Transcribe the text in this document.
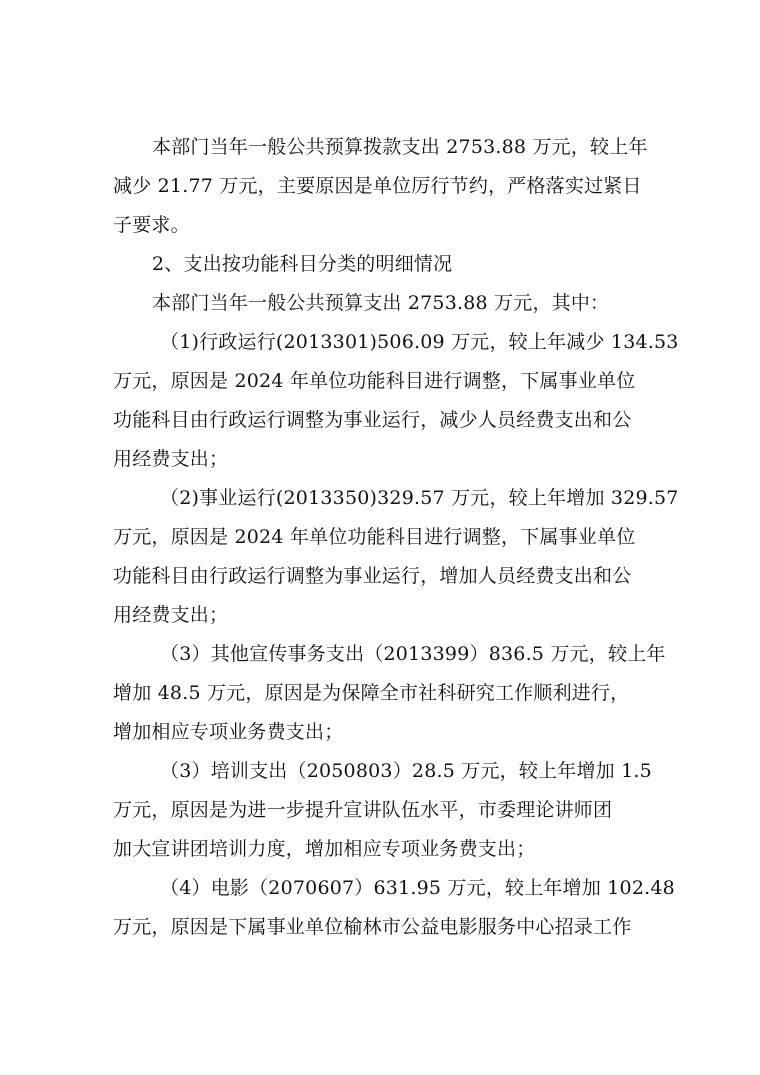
本部门当年一般公共预算拨款支出 2753.88 万元，较上年
减少 21.77 万元，主要原因是单位厉行节约，严格落实过紧日
子要求。
2、支出按功能科目分类的明细情况
本部门当年一般公共预算支出 2753.88 万元，其中：
（1)行政运行(2013301)506.09 万元，较上年减少 134.53
万元，原因是 2024 年单位功能科目进行调整，下属事业单位
功能科目由行政运行调整为事业运行，减少人员经费支出和公
用经费支出；
（2)事业运行(2013350)329.57 万元，较上年增加 329.57
万元，原因是 2024 年单位功能科目进行调整，下属事业单位
功能科目由行政运行调整为事业运行，增加人员经费支出和公
用经费支出；
（3）其他宣传事务支出（2013399）836.5 万元，较上年
增加 48.5 万元，原因是为保障全市社科研究工作顺利进行，
增加相应专项业务费支出；
（3）培训支出（2050803）28.5 万元，较上年增加 1.5
万元，原因是为进一步提升宣讲队伍水平，市委理论讲师团
加大宣讲团培训力度，增加相应专项业务费支出；
（4）电影（2070607）631.95 万元，较上年增加 102.48
万元，原因是下属事业单位榆林市公益电影服务中心招录工作
